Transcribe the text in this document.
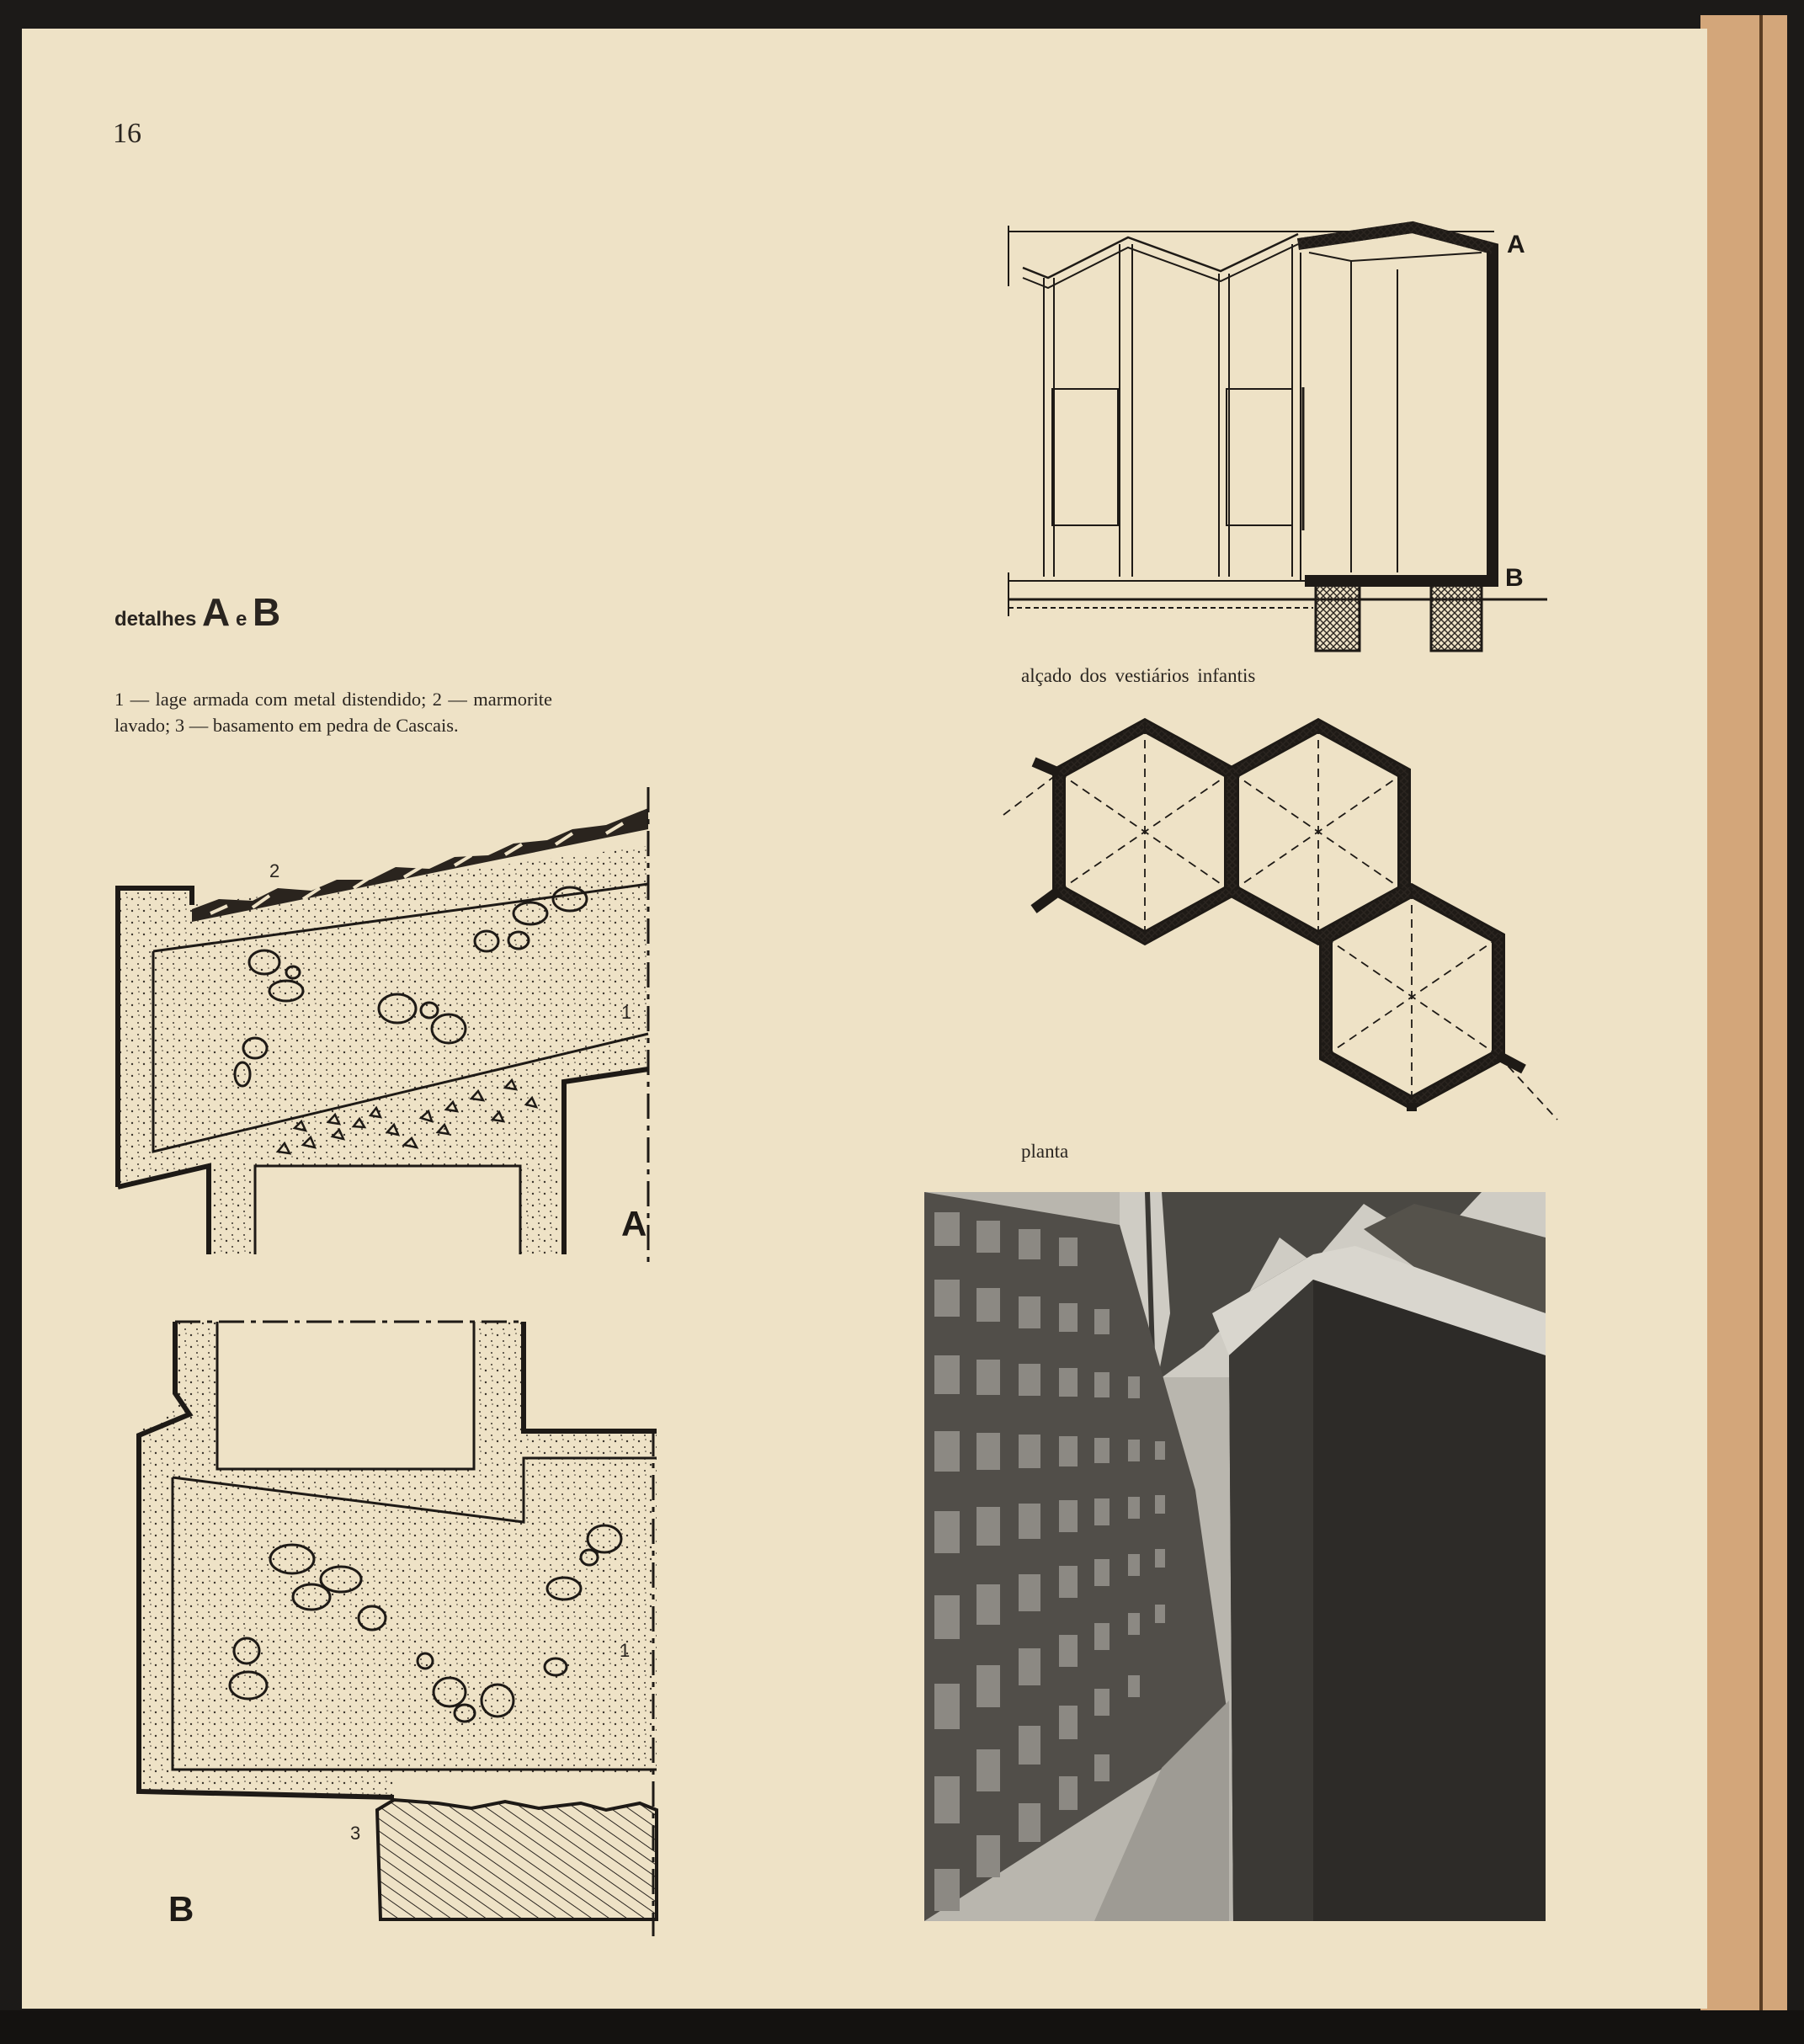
2
1
A
1
3
B
A
B
16
detalhes A e B
1 — lage armada com metal distendido; 2 — marmorite lavado; 3 — basamento em pedra de Cascais.
alçado dos vestiários infantis
planta
